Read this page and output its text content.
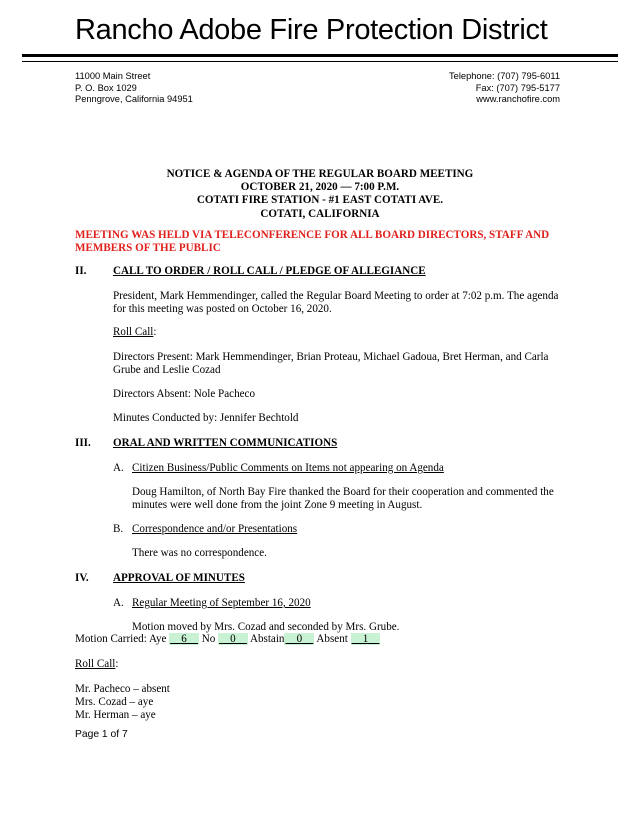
Rancho Adobe Fire Protection District
11000 Main Street
P. O. Box 1029
Penngrove, California 94951
Telephone: (707) 795-6011
Fax: (707) 795-5177
www.ranchofire.com
NOTICE & AGENDA OF THE REGULAR BOARD MEETING
OCTOBER 21, 2020 — 7:00 P.M.
COTATI FIRE STATION - #1 EAST COTATI AVE.
COTATI, CALIFORNIA
MEETING WAS HELD VIA TELECONFERENCE FOR ALL BOARD DIRECTORS, STAFF AND MEMBERS OF THE PUBLIC
II. CALL TO ORDER / ROLL CALL / PLEDGE OF ALLEGIANCE
President, Mark Hemmendinger, called the Regular Board Meeting to order at 7:02 p.m. The agenda for this meeting was posted on October 16, 2020.
Roll Call:
Directors Present: Mark Hemmendinger, Brian Proteau, Michael Gadoua, Bret Herman, and Carla Grube and Leslie Cozad
Directors Absent: Nole Pacheco
Minutes Conducted by: Jennifer Bechtold
III. ORAL AND WRITTEN COMMUNICATIONS
A. Citizen Business/Public Comments on Items not appearing on Agenda
Doug Hamilton, of North Bay Fire thanked the Board for their cooperation and commented the minutes were well done from the joint Zone 9 meeting in August.
B. Correspondence and/or Presentations
There was no correspondence.
IV. APPROVAL OF MINUTES
A. Regular Meeting of September 16, 2020
Motion moved by Mrs. Cozad and seconded by Mrs. Grube.
Motion Carried: Aye __6__ No __0__ Abstain__0__ Absent __1__
Roll Call:
Mr. Pacheco – absent
Mrs. Cozad – aye
Mr. Herman – aye
Page 1 of 7
